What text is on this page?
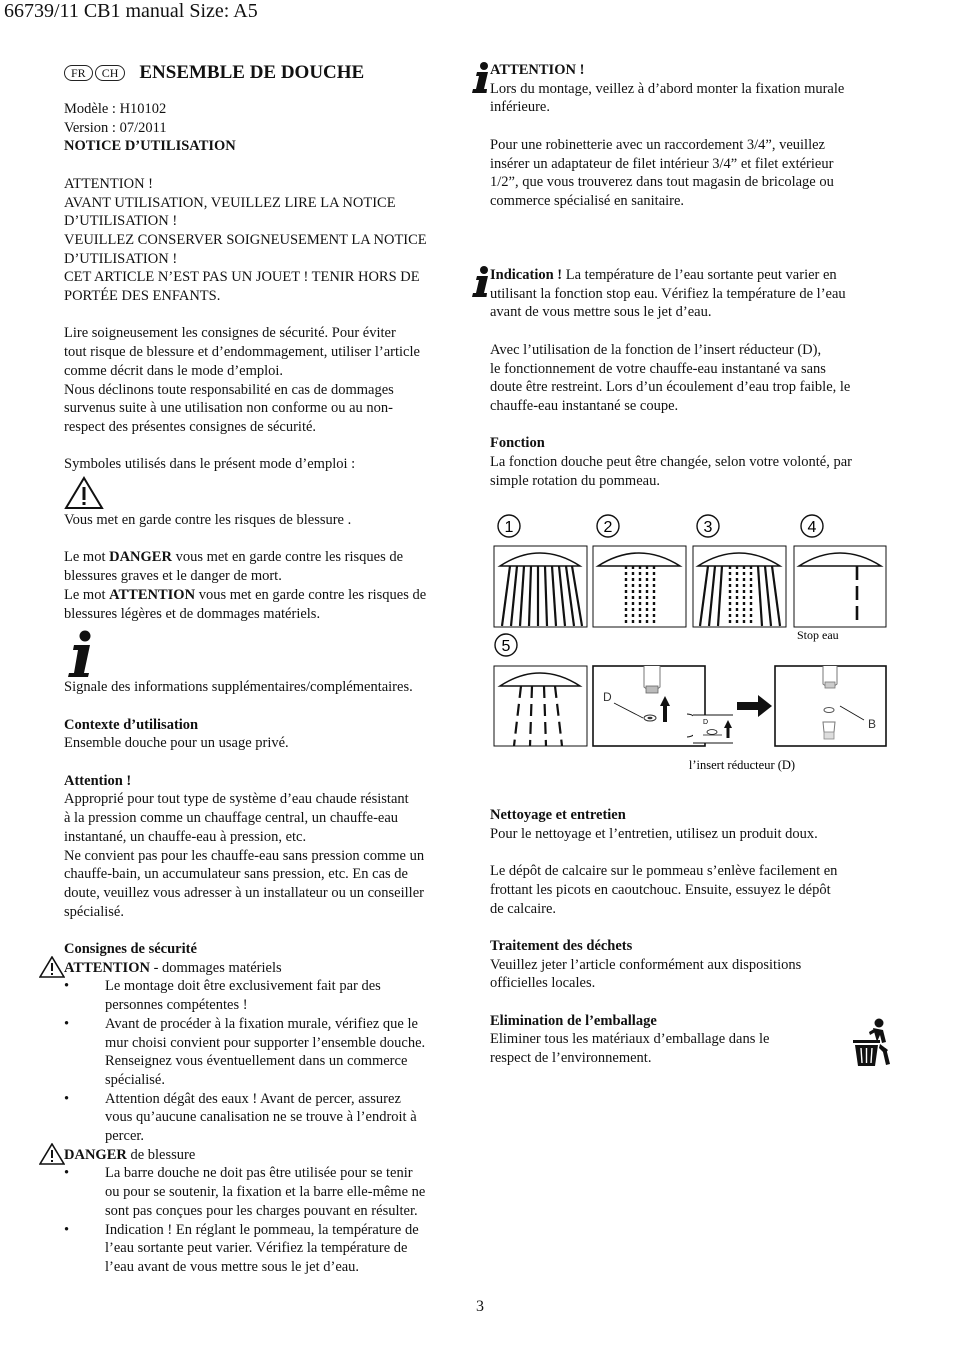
66739/11 CB1 manual Size: A5
FR	CH	ENSEMBLE DE DOUCHE

Modèle : H10102

Version : 07/2011

NOTICE D’UTILISATION

ATTENTION !

AVANT UTILISATION, VEUILLEZ LIRE LA NOTICE

D’UTILISATION !

VEUILLEZ CONSERVER SOIGNEUSEMENT LA NOTICE

D’UTILISATION !

CET ARTICLE N’EST PAS UN JOUET ! TENIR HORS DE

PORTÉE DES ENFANTS.

Lire soigneusement les consignes de sécurité. Pour éviter

tout risque de blessure et d’endommagement, utiliser l’article

comme décrit dans le mode d’emploi.

Nous déclinons toute responsabilité en cas de dommages

survenus suite à une utilisation non conforme ou au non-

respect des présentes consignes de sécurité.

Symboles utilisés dans le présent mode d’emploi :

Vous met en garde contre les risques de blessure .

Le mot DANGER vous met en garde contre les risques de

blessures graves et le danger de mort.

Le mot ATTENTION vous met en garde contre les risques de

blessures légères et de dommages matériels.

Signale des informations supplémentaires/complémentaires.

Contexte d’utilisation

Ensemble douche pour un usage privé.

Attention !

Approprié pour tout type de système d’eau chaude résistant

à la pression comme un chauffage central, un chauffe-eau

instantané, un chauffe-eau à pression, etc.

Ne convient pas pour les chauffe-eau sans pression comme un

chauffe-bain, un accumulateur sans pression, etc. En cas de

doute, veuillez vous adresser à un installateur ou un conseiller

spécialisé.

Consignes de sécurité

ATTENTION - dommages matériels

•	Le montage doit être exclusivement fait par des

personnes compétentes !

•	Avant de procéder à la fixation murale, vérifiez que le

mur choisi convient pour supporter l’ensemble douche.

Renseignez vous éventuellement dans un commerce

spécialisé.

•	Attention dégât des eaux ! Avant de percer, assurez

vous qu’aucune canalisation ne se trouve à l’endroit à

percer.

DANGER de blessure

•	La barre douche ne doit pas être utilisée pour se tenir

ou pour se soutenir, la fixation et la barre elle-même ne

sont pas conçues pour les charges pouvant en résulter.

•	Indication ! En réglant le pommeau, la température de

l’eau sortante peut varier. Vérifiez la température de

l’eau avant de vous mettre sous le jet d’eau.

ATTENTION !

Lors du montage, veillez à d’abord monter la fixation murale

inférieure.

Pour une robinetterie avec un raccordement 3/4”, veuillez

insérer un adaptateur de filet intérieur 3/4” et filet extérieur

1/2”, que vous trouverez dans tout magasin de bricolage ou

commerce spécialisé en sanitaire.

Indication ! La température de l’eau sortante peut varier en

utilisant la fonction stop eau. Vérifiez la température de l’eau

avant de vous mettre sous le jet d’eau.

Avec l’utilisation de la fonction de l’insert réducteur (D),

le fonctionnement de votre chauffe-eau instantané va sans

doute être restreint. Lors d’un écoulement d’eau trop faible, le

chauffe-eau instantané se coupe.

Fonction

La fonction douche peut être changée, selon votre volonté, par

simple rotation du pommeau.

1	2	3	4
5
Stop eau
D
D	B
l’insert réducteur (D)

Nettoyage et entretien

Pour le nettoyage et l’entretien, utilisez un produit doux.

Le dépôt de calcaire sur le pommeau s’enlève facilement en

frottant les picots en caoutchouc. Ensuite, essuyez le dépôt

de calcaire.

Traitement des déchets

Veuillez jeter l’article conformément aux dispositions

officielles locales.

Elimination de l’emballage

Eliminer tous les matériaux d’emballage dans le

respect de l’environnement.

3
